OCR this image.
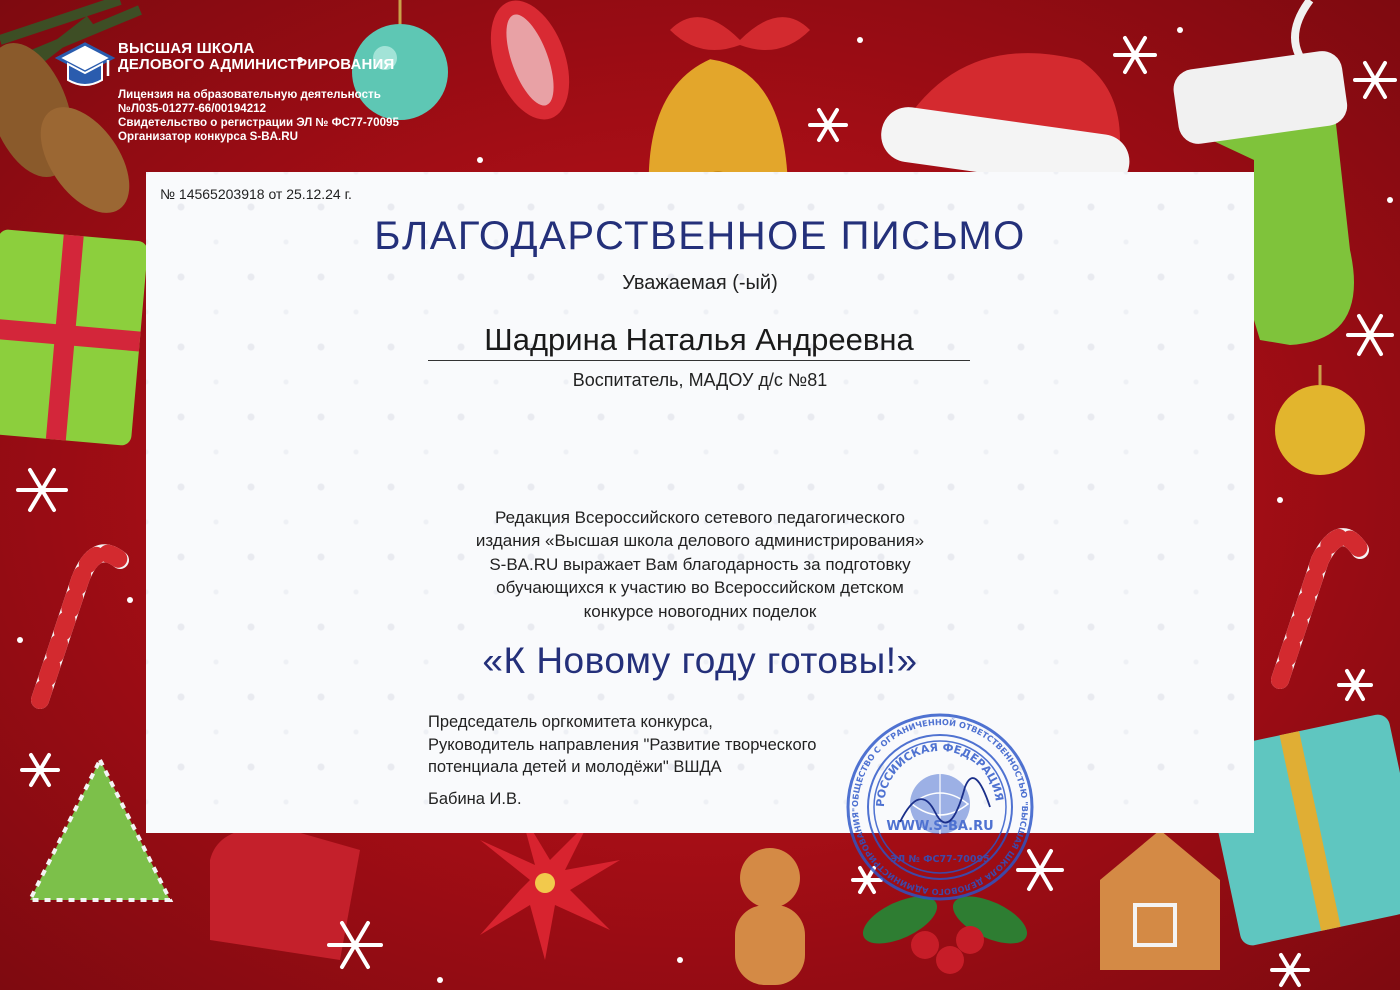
ВЫСШАЯ ШКОЛА
ДЕЛОВОГО АДМИНИСТРИРОВАНИЯ
Лицензия на образовательную деятельность
№Л035-01277-66/00194212
Свидетельство о регистрации ЭЛ № ФС77-70095
Организатор конкурса S-BA.RU
№ 14565203918 от 25.12.24 г.
БЛАГОДАРСТВЕННОЕ ПИСЬМО
Уважаемая (-ый)
Шадрина Наталья Андреевна
Воспитатель, МАДОУ д/с №81
Редакция Всероссийского сетевого педагогического
издания «Высшая школа делового администрирования»
S-BA.RU выражает Вам благодарность за подготовку
обучающихся к участию во Всероссийском детском
конкурсе новогодних поделок
«К Новому году готовы!»
Председатель оргкомитета конкурса,
Руководитель направления "Развитие творческого
потенциала детей и молодёжи" ВШДА
Бабина И.В.	ОБЩЕСТВО С ОГРАНИЧЕННОЙ ОТВЕТСТВЕННОСТЬЮ "ВЫСШАЯ ШКОЛА ДЕЛОВОГО АДМИНИСТРИРОВАНИЯ"
РОССИЙСКАЯ ФЕДЕРАЦИЯ
WWW.S-BA.RU
ЭЛ № ФС77-70095
